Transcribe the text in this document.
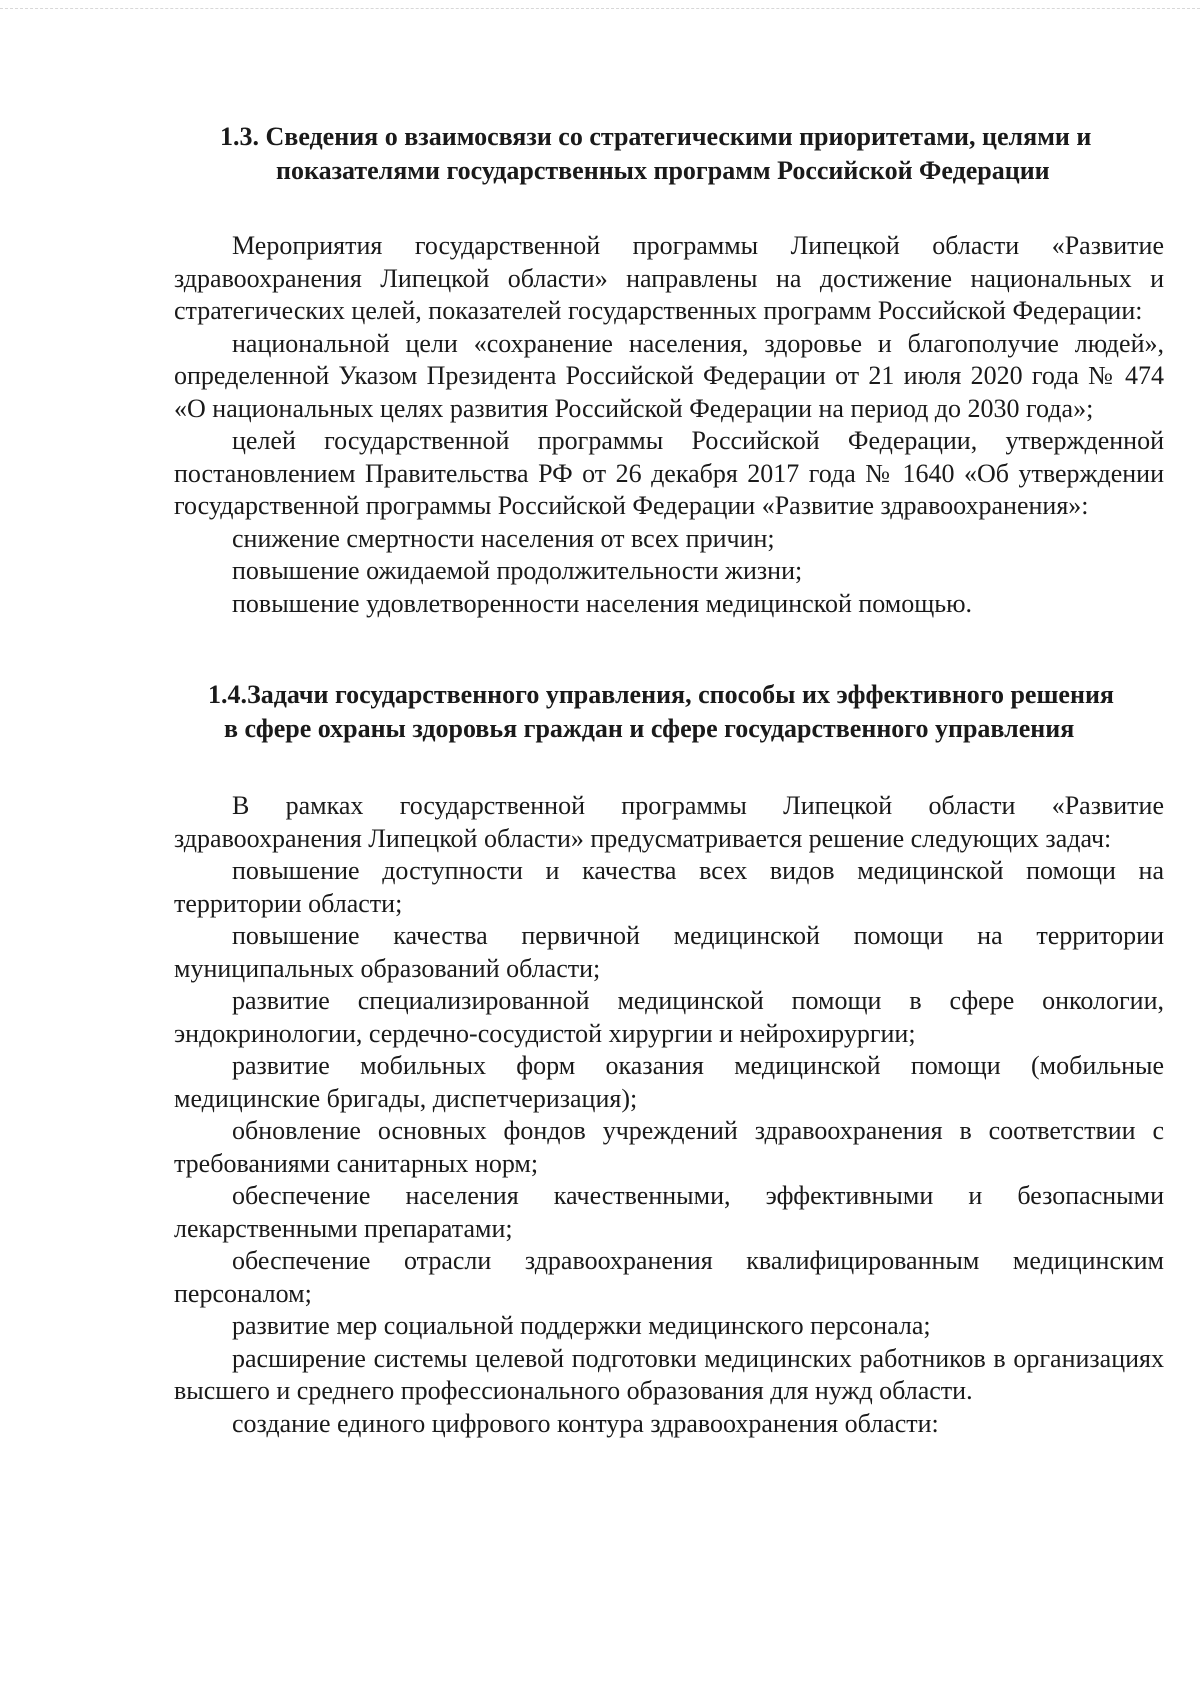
1.3. Сведения о взаимосвязи со стратегическими приоритетами, целями и
показателями государственных программ Российской Федерации

Мероприятия государственной программы Липецкой области «Развитие здравоохранения Липецкой области» направлены на достижение национальных и стратегических целей, показателей государственных программ Российской Федерации:

национальной цели «сохранение населения, здоровье и благополучие людей», определенной Указом Президента Российской Федерации от 21 июля 2020 года № 474 «О национальных целях развития Российской Федерации на период до 2030 года»;

целей государственной программы Российской Федерации, утвержденной постановлением Правительства РФ от 26 декабря 2017 года № 1640 «Об утверждении государственной программы Российской Федерации «Развитие здравоохранения»:

снижение смертности населения от всех причин;

повышение ожидаемой продолжительности жизни;

повышение удовлетворенности населения медицинской помощью.

1.4.Задачи государственного управления, способы их эффективного решения
в сфере охраны здоровья граждан и сфере государственного управления

В рамках государственной программы Липецкой области «Развитие здравоохранения Липецкой области» предусматривается решение следующих задач:

повышение доступности и качества всех видов медицинской помощи на территории области;

повышение качества первичной медицинской помощи на территории муниципальных образований области;

развитие специализированной медицинской помощи в сфере онкологии, эндокринологии, сердечно-сосудистой хирургии и нейрохирургии;

развитие мобильных форм оказания медицинской помощи (мобильные медицинские бригады, диспетчеризация);

обновление основных фондов учреждений здравоохранения в соответствии с требованиями санитарных норм;

обеспечение населения качественными, эффективными и безопасными лекарственными препаратами;

обеспечение отрасли здравоохранения квалифицированным медицинским персоналом;

развитие мер социальной поддержки медицинского персонала;

расширение системы целевой подготовки медицинских работников в организациях высшего и среднего профессионального образования для нужд области.

создание единого цифрового контура здравоохранения области:
